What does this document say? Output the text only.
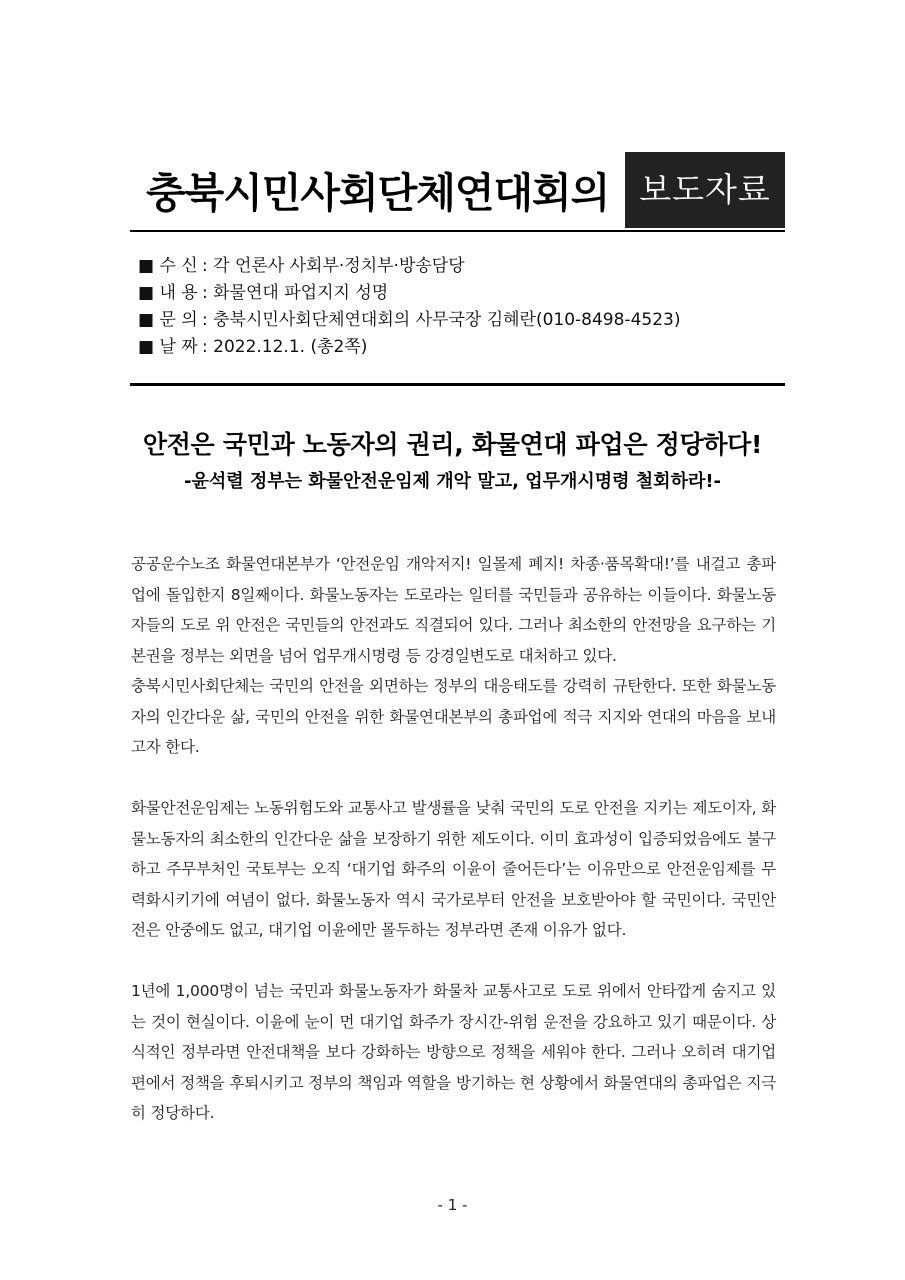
충북시민사회단체연대회의 보도자료
■ 수 신 : 각 언론사 사회부·정치부·방송담당
■ 내 용 : 화물연대 파업지지 성명
■ 문 의 : 충북시민사회단체연대회의 사무국장 김혜란(010-8498-4523)
■ 날 짜 : 2022.12.1. (총2쪽)
안전은 국민과 노동자의 권리, 화물연대 파업은 정당하다!
-윤석렬 정부는 화물안전운임제 개악 말고, 업무개시명령 철회하라!-

공공운수노조 화물연대본부가 ‘안전운임 개악저지! 일몰제 폐지! 차종·품목확대!’를 내걸고 총파업에 돌입한지 8일째이다. 화물노동자는 도로라는 일터를 국민들과 공유하는 이들이다. 화물노동자들의 도로 위 안전은 국민들의 안전과도 직결되어 있다. 그러나 최소한의 안전망을 요구하는 기본권을 정부는 외면을 넘어 업무개시명령 등 강경일변도로 대처하고 있다.

충북시민사회단체는 국민의 안전을 외면하는 정부의 대응태도를 강력히 규탄한다. 또한 화물노동자의 인간다운 삶, 국민의 안전을 위한 화물연대본부의 총파업에 적극 지지와 연대의 마음을 보내고자 한다.

화물안전운임제는 노동위험도와 교통사고 발생률을 낮춰 국민의 도로 안전을 지키는 제도이자, 화물노동자의 최소한의 인간다운 삶을 보장하기 위한 제도이다. 이미 효과성이 입증되었음에도 불구하고 주무부처인 국토부는 오직 ‘대기업 화주의 이윤이 줄어든다’는 이유만으로 안전운임제를 무력화시키기에 여념이 없다. 화물노동자 역시 국가로부터 안전을 보호받아야 할 국민이다. 국민안전은 안중에도 없고, 대기업 이윤에만 몰두하는 정부라면 존재 이유가 없다.

1년에 1,000명이 넘는 국민과 화물노동자가 화물차 교통사고로 도로 위에서 안타깝게 숨지고 있는 것이 현실이다. 이윤에 눈이 먼 대기업 화주가 장시간-위험 운전을 강요하고 있기 때문이다. 상식적인 정부라면 안전대책을 보다 강화하는 방향으로 정책을 세워야 한다. 그러나 오히려 대기업 편에서 정책을 후퇴시키고 정부의 책임과 역할을 방기하는 현 상황에서 화물연대의 총파업은 지극히 정당하다.

- 1 -
